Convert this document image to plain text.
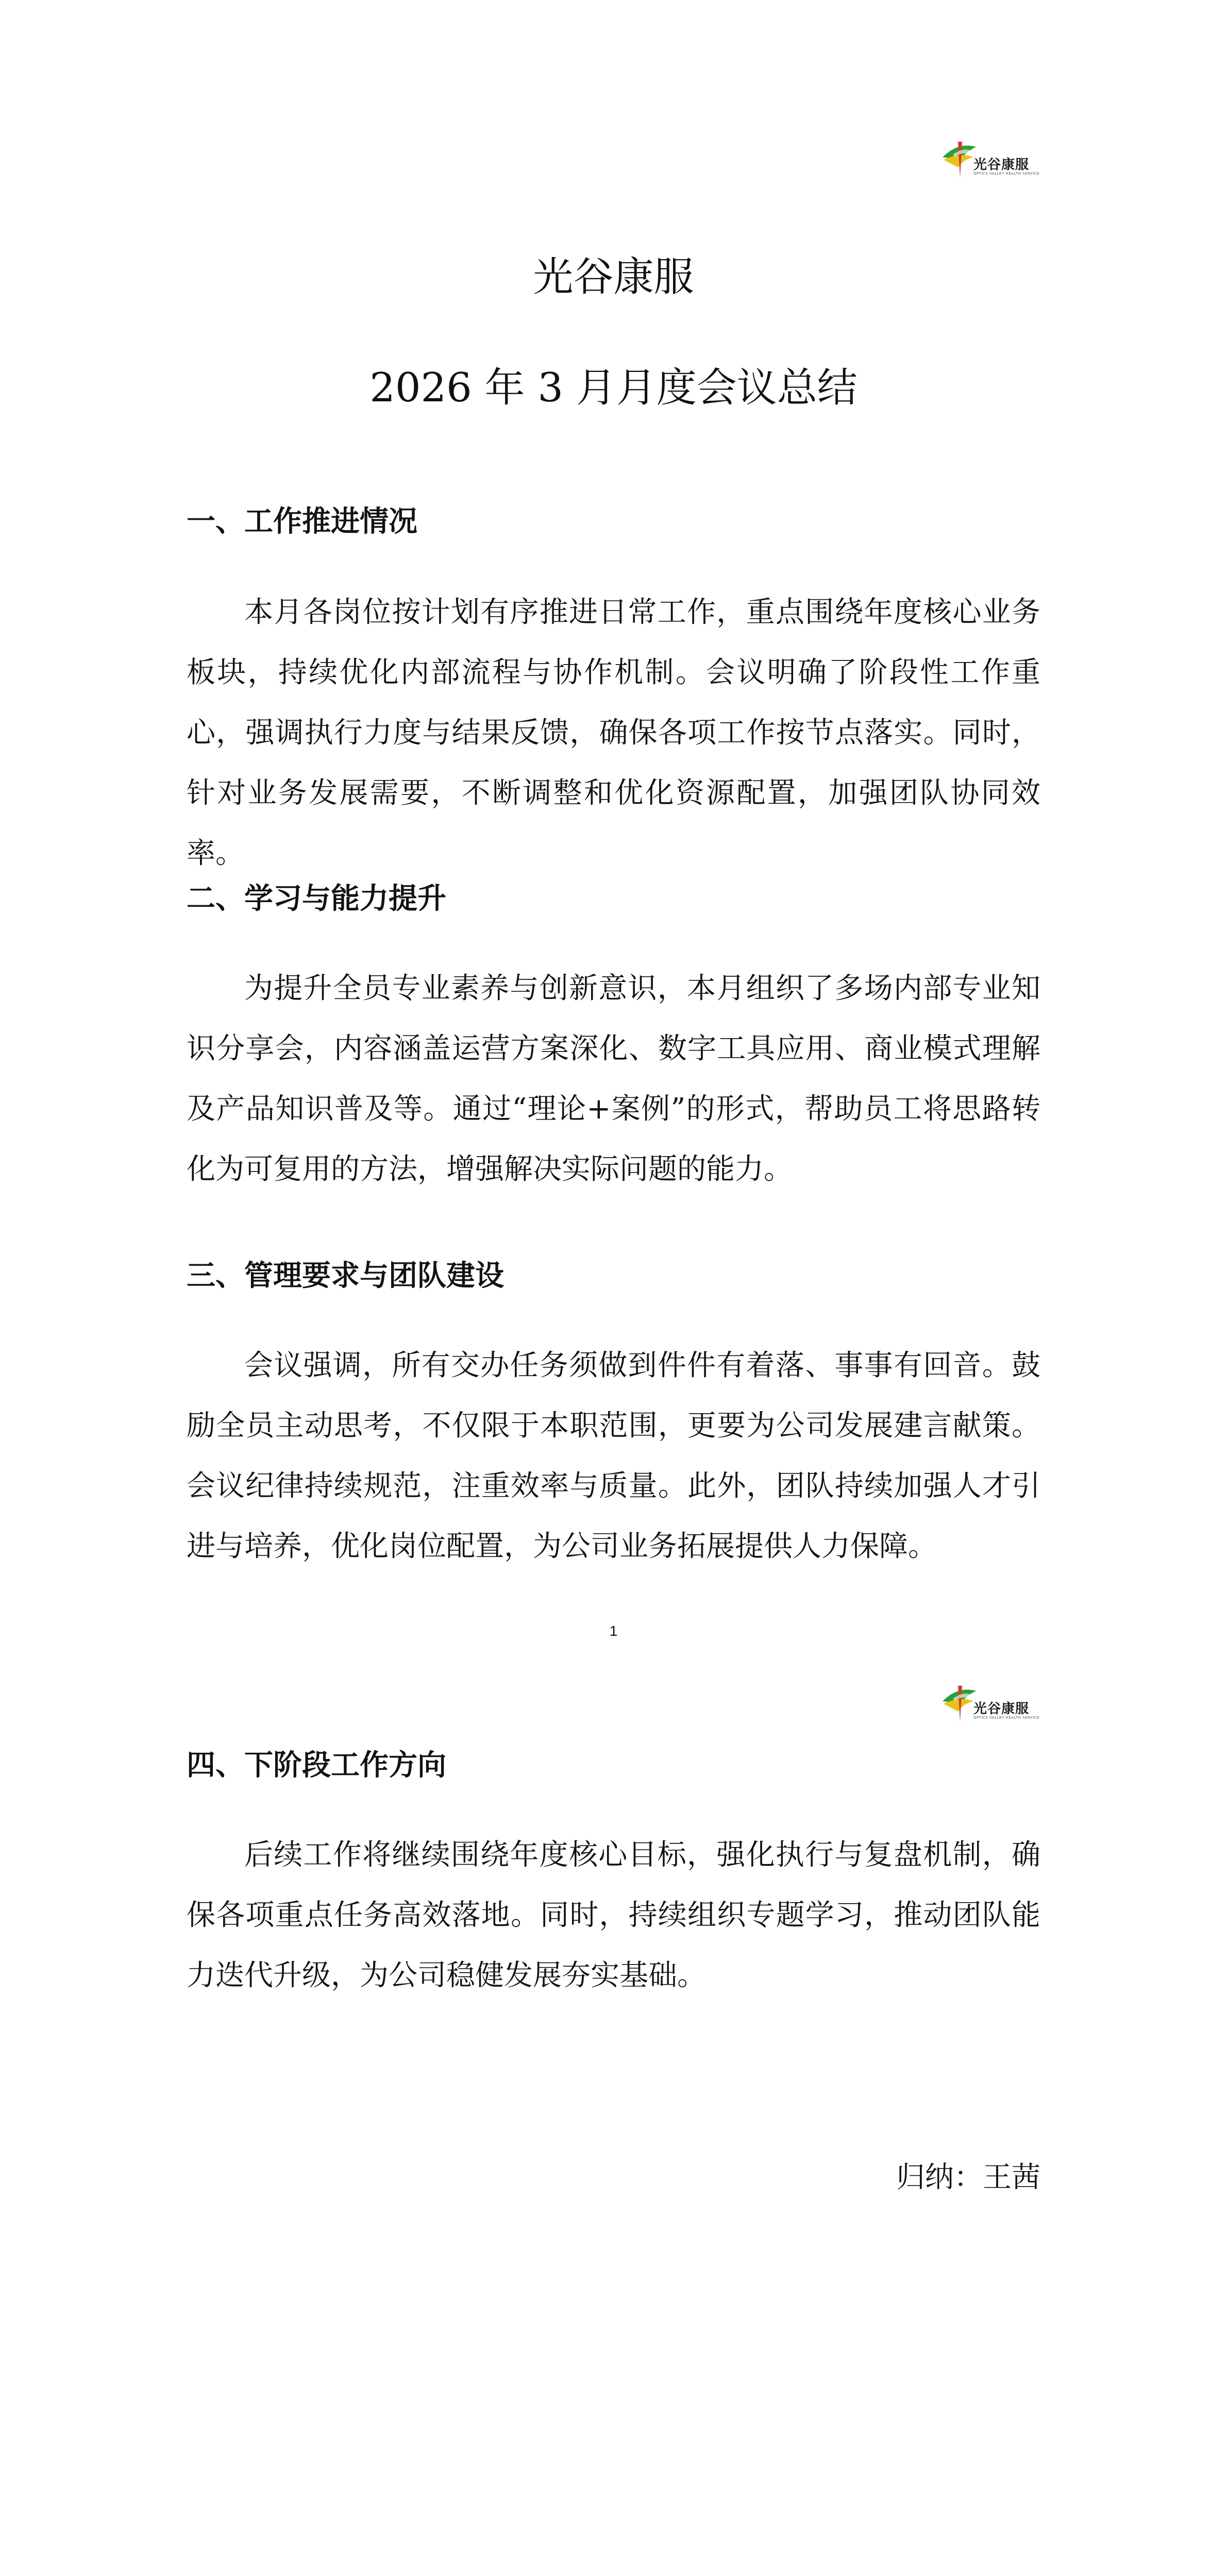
光谷康服
OPTICS VALLEY HEALTH SERVICE
光谷康服
2026 年 3 月月度会议总结
一、工作推进情况
本月各岗位按计划有序推进日常工作，重点围绕年度核心业务板块，持续优化内部流程与协作机制。会议明确了阶段性工作重心，强调执行力度与结果反馈，确保各项工作按节点落实。同时，针对业务发展需要，不断调整和优化资源配置，加强团队协同效率。
二、学习与能力提升
为提升全员专业素养与创新意识，本月组织了多场内部专业知识分享会，内容涵盖运营方案深化、数字工具应用、商业模式理解及产品知识普及等。通过“理论+案例”的形式，帮助员工将思路转化为可复用的方法，增强解决实际问题的能力。
三、管理要求与团队建设
会议强调，所有交办任务须做到件件有着落、事事有回音。鼓励全员主动思考，不仅限于本职范围，更要为公司发展建言献策。会议纪律持续规范，注重效率与质量。此外，团队持续加强人才引进与培养，优化岗位配置，为公司业务拓展提供人力保障。
1
光谷康服
OPTICS VALLEY HEALTH SERVICE
四、下阶段工作方向
后续工作将继续围绕年度核心目标，强化执行与复盘机制，确保各项重点任务高效落地。同时，持续组织专题学习，推动团队能力迭代升级，为公司稳健发展夯实基础。
归纳：王茜
